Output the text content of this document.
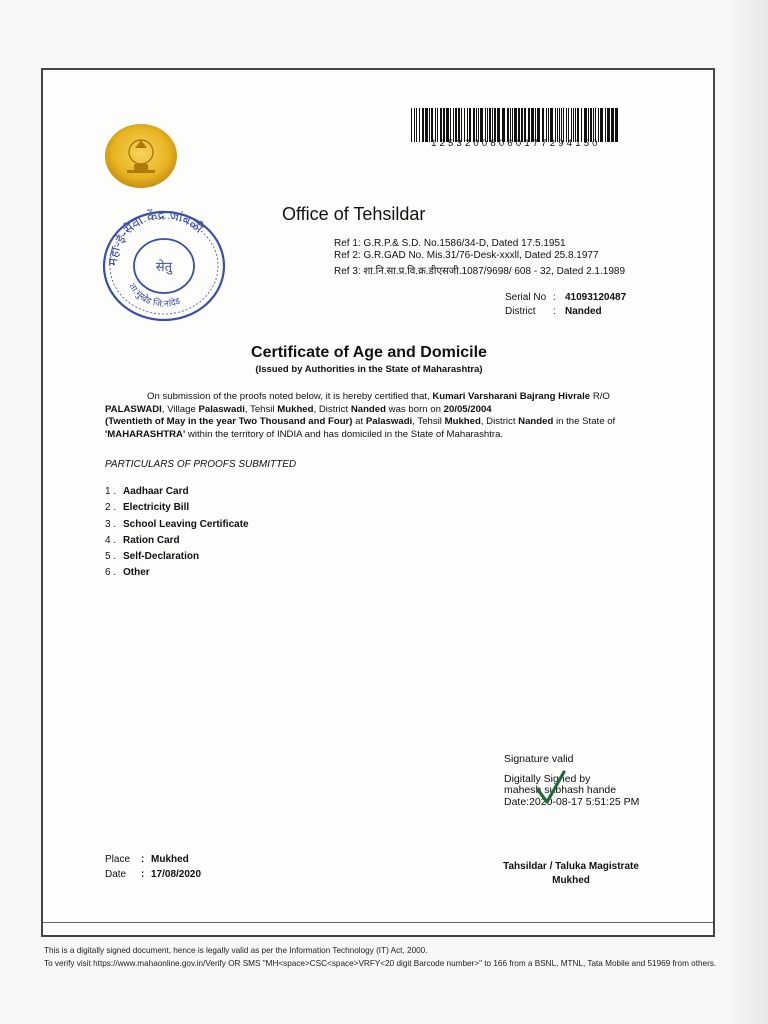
12532008060177294150
महा-ई-सेवा केंद्र जांबळी
ता.मुखेड जि.नांदेड
सेतु
Office of Tehsildar
Ref 1: G.R.P.& S.D. No.1586/34-D, Dated 17.5.1951
Ref 2: G.R.GAD No. Mis.31/76-Desk-xxxll, Dated 25.8.1977
Ref 3: शा.नि.सा.प्र.वि.क्र.डीएसजी.1087/9698/ 608 - 32, Dated 2.1.1989
Serial No : 41093120487
District : Nanded
Certificate of Age and Domicile
(Issued by Authorities in the State of Maharashtra)
On submission of the proofs noted below, it is hereby certified that, Kumari Varsharani Bajrang Hivrale R/O PALASWADI, Village Palaswadi, Tehsil Mukhed, District Nanded was born on 20/05/2004
(Twentieth of May in the year Two Thousand and Four) at Palaswadi, Tehsil Mukhed, District Nanded in the State of 'MAHARASHTRA' within the territory of INDIA and has domiciled in the State of Maharashtra.
PARTICULARS OF PROOFS SUBMITTED
1 . Aadhaar Card
2 . Electricity Bill
3 . School Leaving Certificate
4 . Ration Card
5 . Self-Declaration
6 . Other
Signature valid
Digitally Signed by
mahesh subhash hande
Date:2020-08-17 5:51:25 PM
Place : Mukhed
Date : 17/08/2020
Tahsildar / Taluka Magistrate
Mukhed
This is a digitally signed document, hence is legally valid as per the Information Technology (IT) Act, 2000.
To verify visit https://www.mahaonline.gov.in/Verify OR SMS "MH<space>CSC<space>VRFY<20 digit Barcode number>" to 166 from a BSNL, MTNL, Tata Mobile and 51969 from others.
